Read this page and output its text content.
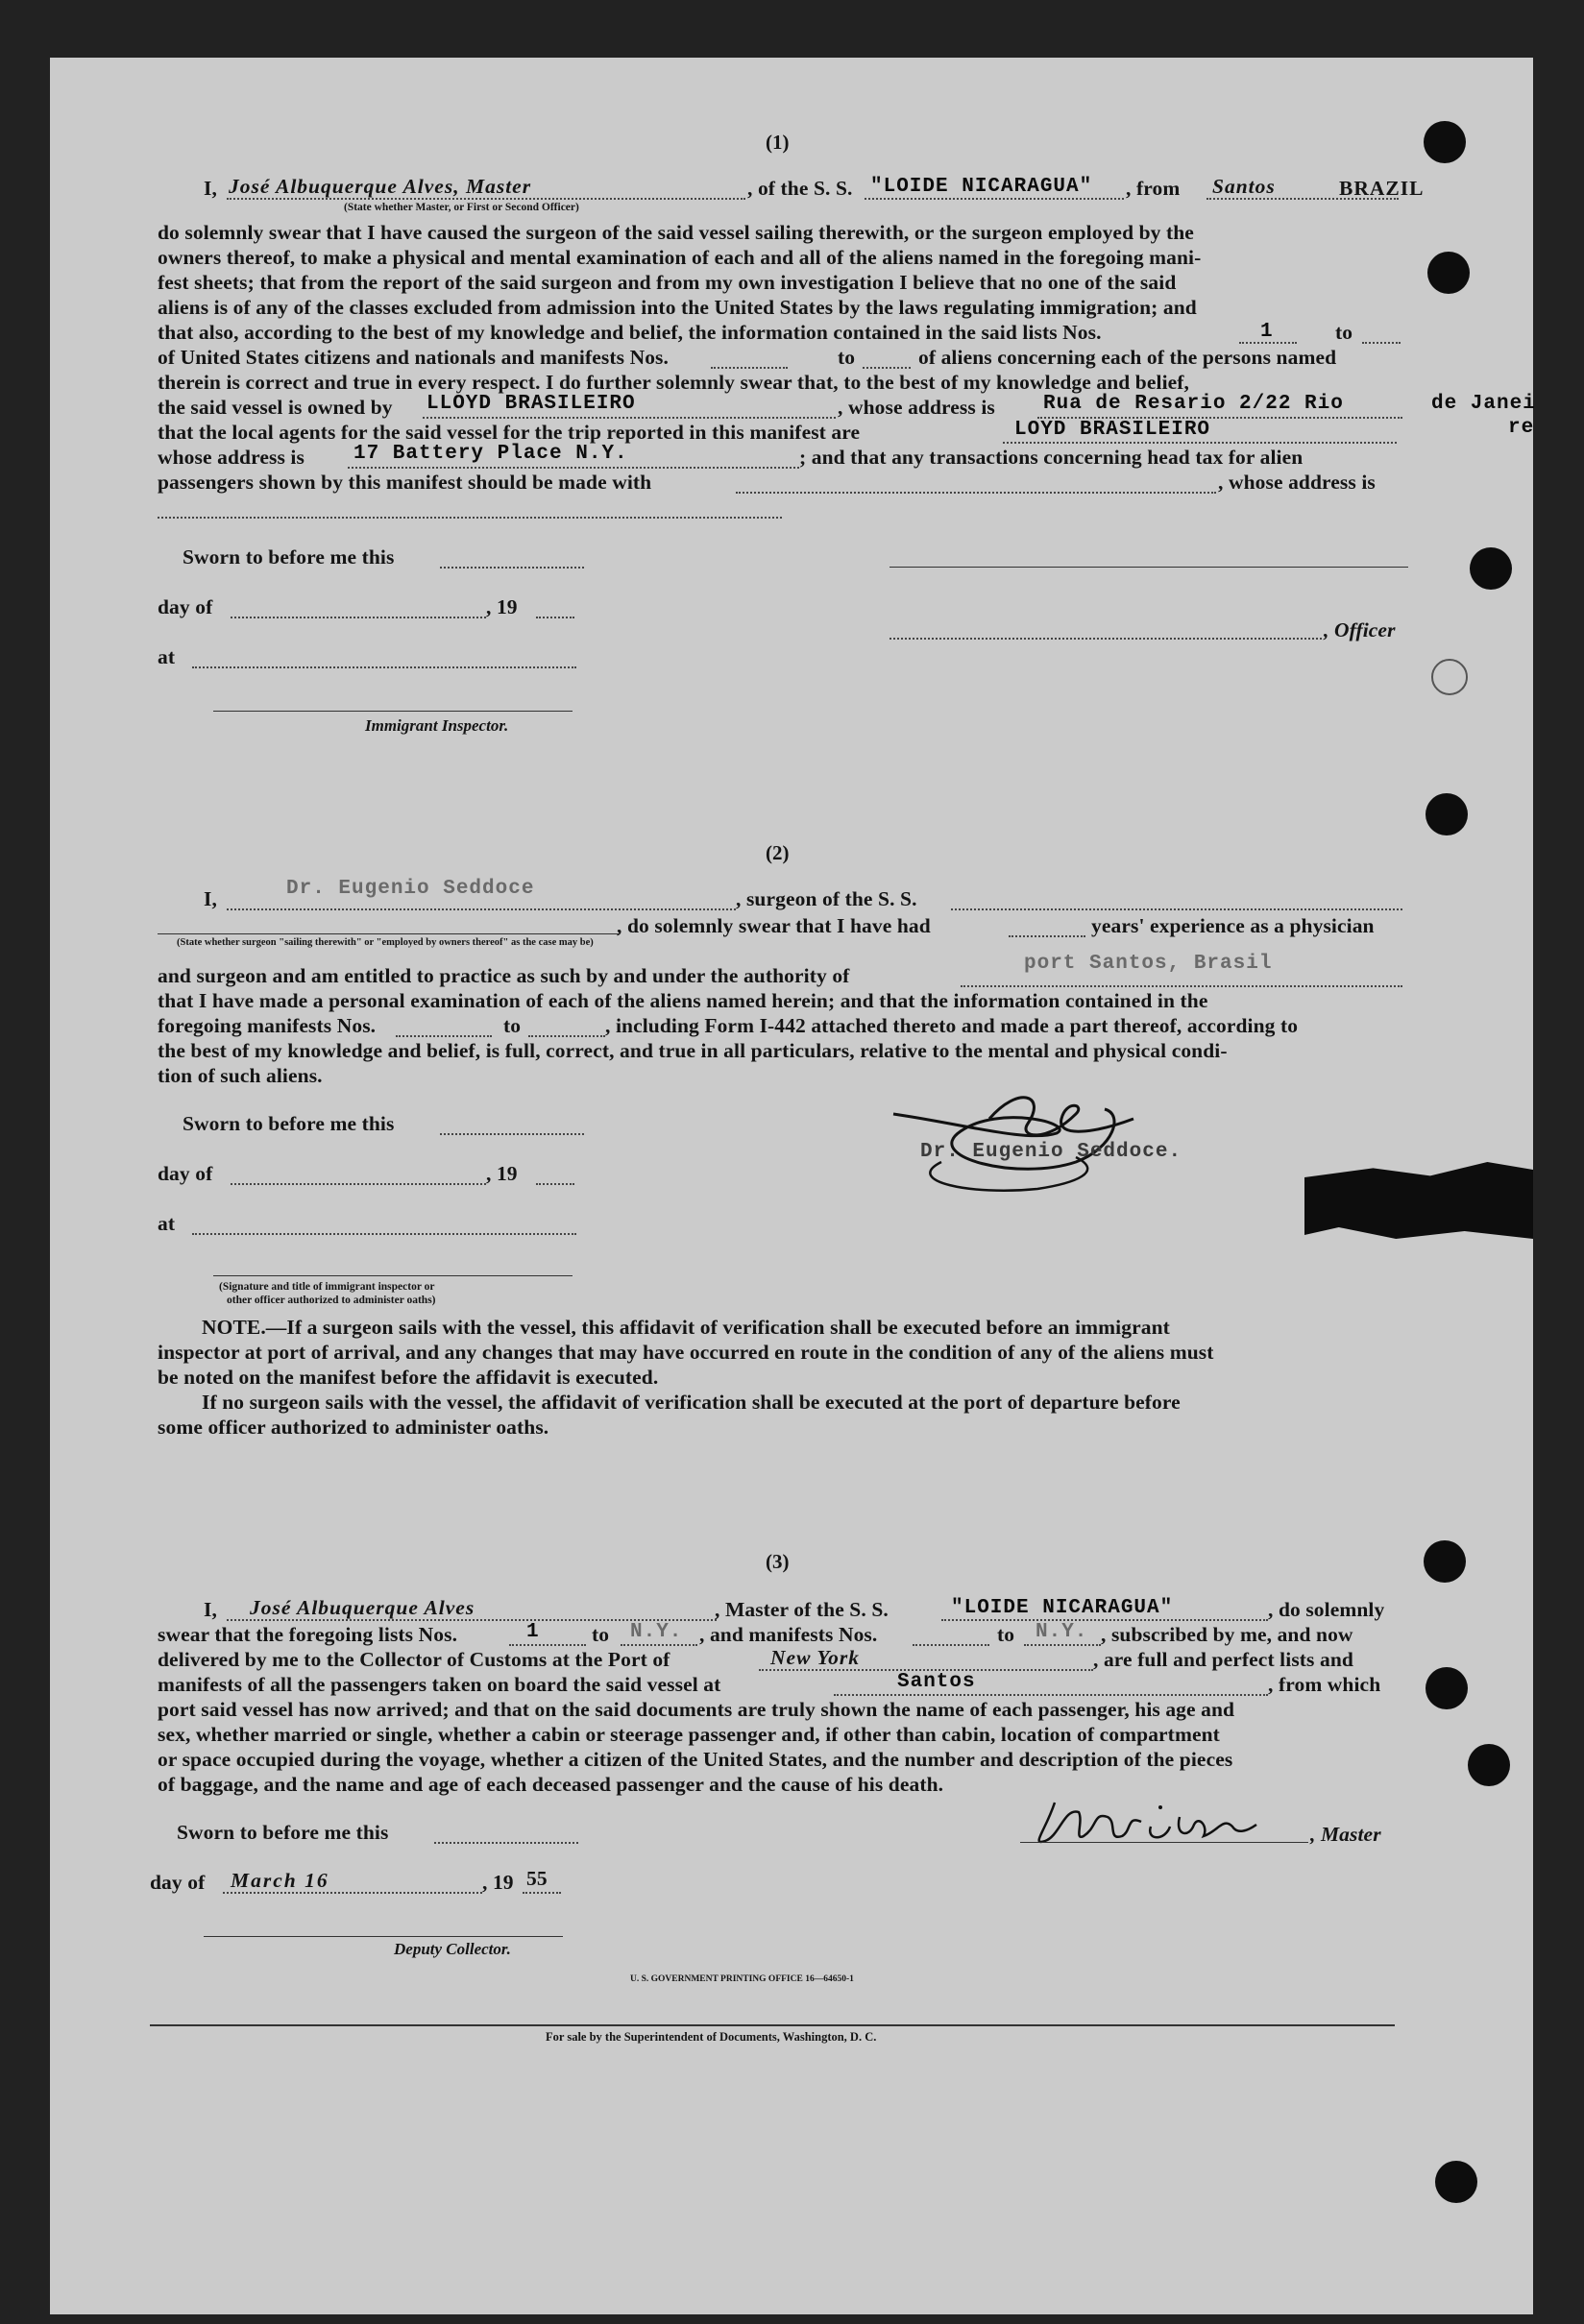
(1)
I, José Albuquerque Alves, Master	, of the S. S. "LOIDE NICARAGUA" , from Santos	BRAZIL
(State whether Master, or First or Second Officer)
do solemnly swear that I have caused the surgeon of the said vessel sailing therewith, or the surgeon employed by the
owners thereof, to make a physical and mental examination of each and all of the aliens named in the foregoing mani-
fest sheets; that from the report of the said surgeon and from my own investigation I believe that no one of the said
aliens is of any of the classes excluded from admission into the United States by the laws regulating immigration; and
that also, according to the best of my knowledge and belief, the information contained in the said lists Nos.	1	to
of United States citizens and nationals and manifests Nos.	to	of aliens concerning each of the persons named
therein is correct and true in every respect. I do further solemnly swear that, to the best of my knowledge and belief,
the said vessel is owned by LLOYD BRASILEIRO	, whose address is Rua de Resario 2/22 Rio	de Janei
re
that the local agents for the said vessel for the trip reported in this manifest are	LOYD BRASILEIRO
whose address is 17 Battery Place N.Y.	; and that any transactions concerning head tax for alien
passengers shown by this manifest should be made with	, whose address is
Sworn to before me this
day of	, 19
, Officer
at
Immigrant Inspector.
(2)
I,	Dr. Eugenio Seddoce	, surgeon of the S. S.
(State whether surgeon "sailing therewith" or "employed by owners thereof" as the case may be)
, do solemnly swear that I have had	years' experience as a physician
and surgeon and am entitled to practice as such by and under the authority of
port Santos, Brasil
that I have made a personal examination of each of the aliens named herein; and that the information contained in the
foregoing manifests Nos.	to	, including Form I-442 attached thereto and made a part thereof, according to
the best of my knowledge and belief, is full, correct, and true in all particulars, relative to the mental and physical condi-
tion of such aliens.
Dr. Eugenio Seddoce.
Sworn to before me this
day of	, 19
at
(Signature and title of immigrant inspector or
other officer authorized to administer oaths)
NOTE.—If a surgeon sails with the vessel, this affidavit of verification shall be executed before an immigrant
inspector at port of arrival, and any changes that may have occurred en route in the condition of any of the aliens must
be noted on the manifest before the affidavit is executed.
If no surgeon sails with the vessel, the affidavit of verification shall be executed at the port of departure before
some officer authorized to administer oaths.
(3)
I, José Albuquerque Alves	, Master of the S. S.	"LOIDE NICARAGUA"	, do solemnly
swear that the foregoing lists Nos.	1	to N.Y. , and manifests Nos.	to N.Y. , subscribed by me, and now
delivered by me to the Collector of Customs at the Port of	New York	, are full and perfect lists and
manifests of all the passengers taken on board the said vessel at	Santos	, from which
port said vessel has now arrived; and that on the said documents are truly shown the name of each passenger, his age and
sex, whether married or single, whether a cabin or steerage passenger and, if other than cabin, location of compartment
or space occupied during the voyage, whether a citizen of the United States, and the number and description of the pieces
of baggage, and the name and age of each deceased passenger and the cause of his death.
Sworn to before me this	, Master
day of March 16	, 19 55
Deputy Collector.
U. S. GOVERNMENT PRINTING OFFICE 16—64650-1
For sale by the Superintendent of Documents, Washington, D. C.
